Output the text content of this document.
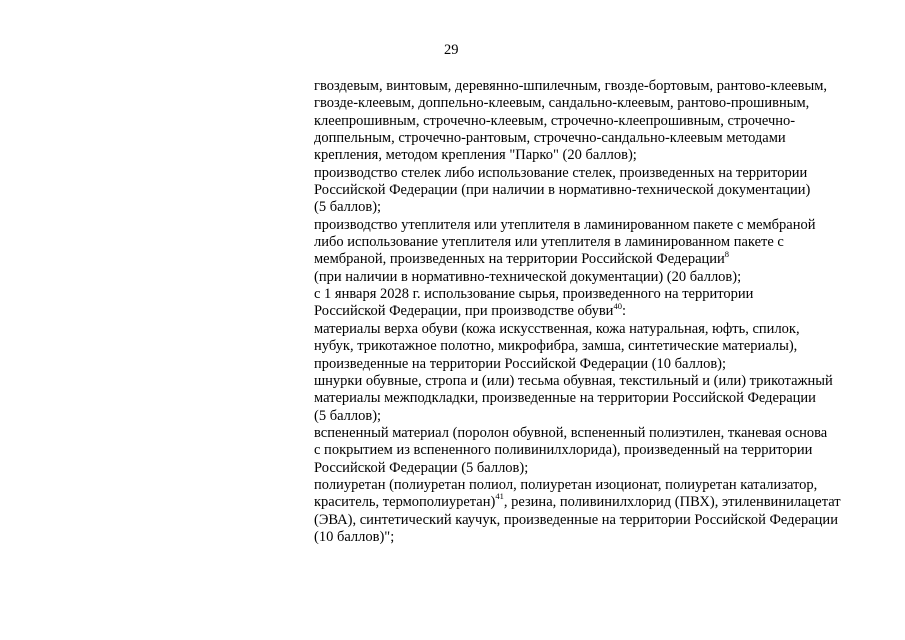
29
гвоздевым, винтовым, деревянно-шпилечным, гвозде-бортовым, рантово-клеевым,
гвозде-клеевым, доппельно-клеевым, сандально-клеевым, рантово-прошивным,
клеепрошивным, строчечно-клеевым, строчечно-клеепрошивным, строчечно-
доппельным, строчечно-рантовым, строчечно-сандально-клеевым методами
крепления, методом крепления "Парко" (20 баллов);
производство стелек либо использование стелек, произведенных на территории
Российской Федерации (при наличии в нормативно-технической документации)
(5 баллов);
производство утеплителя или утеплителя в ламинированном пакете с мембраной
либо использование утеплителя или утеплителя в ламинированном пакете с
мембраной, произведенных на территории Российской Федерации$^8$
(при наличии в нормативно-технической документации) (20 баллов);
с 1 января 2028 г. использование сырья, произведенного на территории
Российской Федерации, при производстве обуви$^{40}$:
материалы верха обуви (кожа искусственная, кожа натуральная, юфть, спилок,
нубук, трикотажное полотно, микрофибра, замша, синтетические материалы),
произведенные на территории Российской Федерации (10 баллов);
шнурки обувные, стропа и (или) тесьма обувная, текстильный и (или) трикотажный
материалы межподкладки, произведенные на территории Российской Федерации
(5 баллов);
вспененный материал (поролон обувной, вспененный полиэтилен, тканевая основа
с покрытием из вспененного поливинилхлорида), произведенный на территории
Российской Федерации (5 баллов);
полиуретан (полиуретан полиол, полиуретан изоционат, полиуретан катализатор,
краситель, термополиуретан)$^{41}$, резина, поливинилхлорид (ПВХ), этиленвинилацетат
(ЭВА), синтетический каучук, произведенные на территории Российской Федерации
(10 баллов)";
